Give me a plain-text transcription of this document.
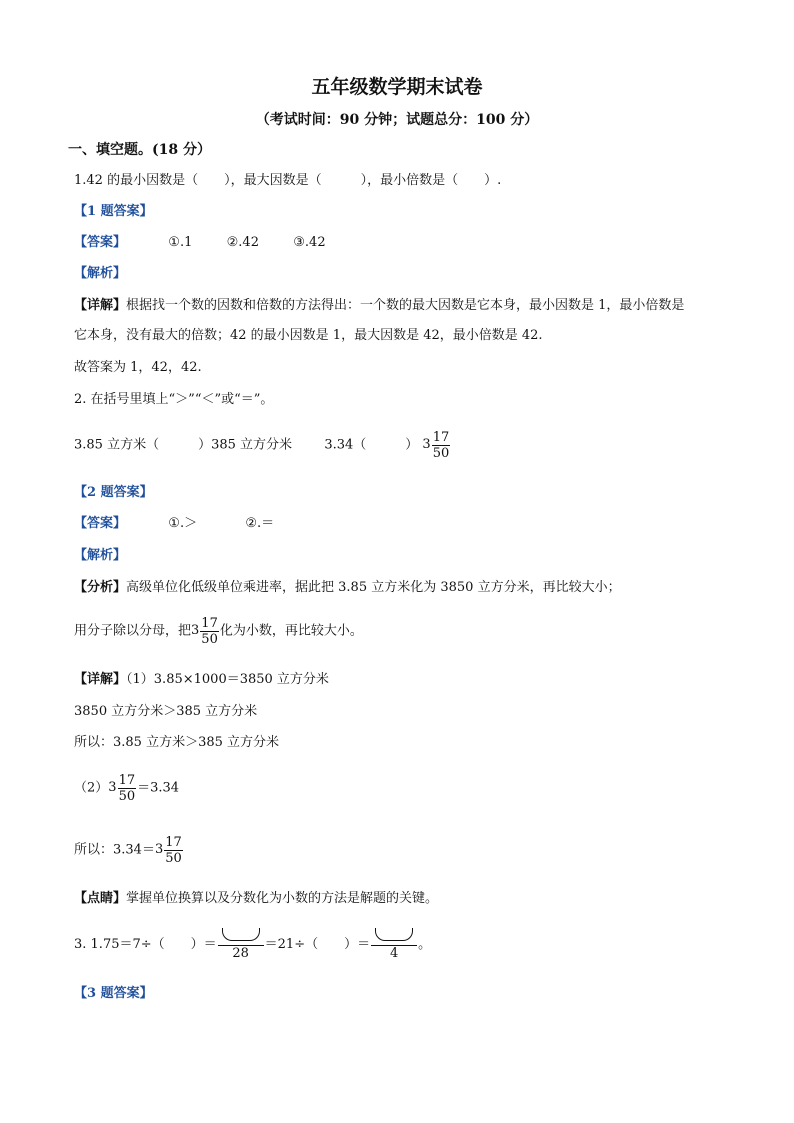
五年级数学期末试卷
（考试时间：90 分钟；试题总分：100 分）
一、填空题。(18 分）
1.42 的最小因数是（　　），最大因数是（　　　），最小倍数是（　　）.
【1 题答案】
【答案】	①.1	②.42	③.42
【解析】
【详解】根据找一个数的因数和倍数的方法得出：一个数的最大因数是它本身，最小因数是 1，最小倍数是
它本身，没有最大的倍数；42 的最小因数是 1，最大因数是 42，最小倍数是 42.
故答案为 1，42，42.
2. 在括号里填上“＞”“＜”或“＝”。
3.85 立方米（　　　）385 立方分米 3.34（　　　） $3 \frac{17}{50}$
【2 题答案】
【答案】	①.＞	②.＝
【解析】
【分析】高级单位化低级单位乘进率，据此把 3.85 立方米化为 3850 立方分米，再比较大小；
用分子除以分母，把$3 \frac{17}{50}$ 化为小数，再比较大小。
【详解】（1）3.85×1000＝3850 立方分米
3850 立方分米＞385 立方分米
所以：3.85 立方米＞385 立方分米
$(2)3 \frac{17}{50} =3.34$
所以：$3.34=3 \frac{17}{50}$
【点睛】掌握单位换算以及分数化为小数的方法是解题的关键。
3. 1.75＝7÷（　　）＝
28
＝21÷（　　）＝
4
。
【3 题答案】
